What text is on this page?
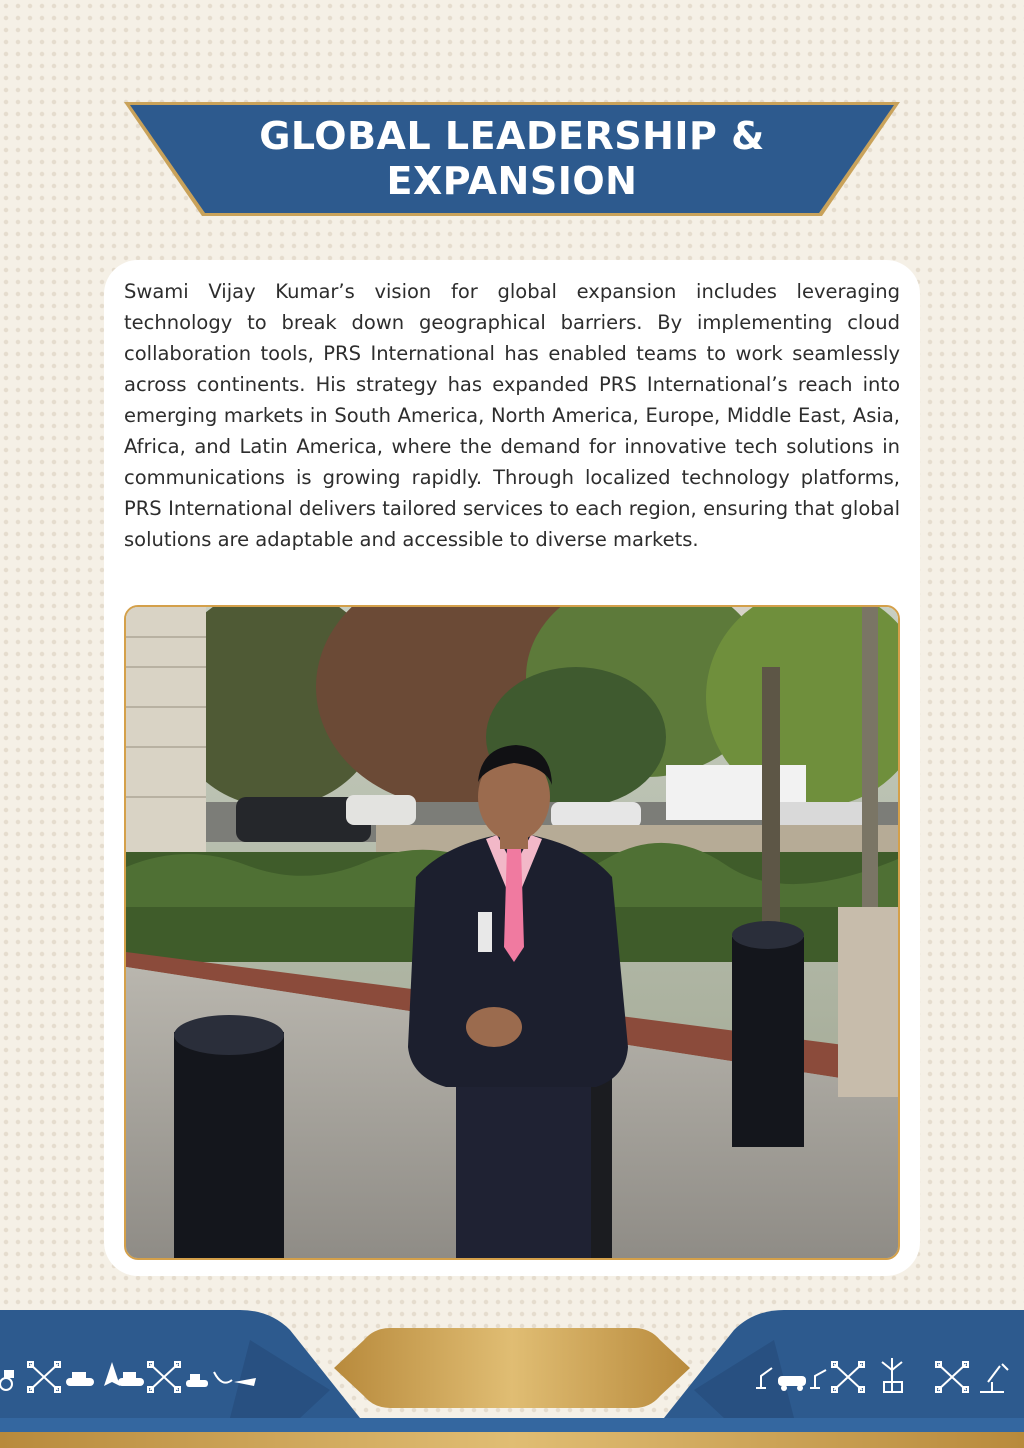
GLOBAL LEADERSHIP &
EXPANSION

Swami Vijay Kumar’s vision for global expansion includes leveraging technology to break down geographical barriers. By implementing cloud collaboration tools, PRS International has enabled teams to work seamlessly across continents. His strategy has expanded PRS International’s reach into emerging markets in South America, North America, Europe, Middle East, Asia, Africa, and Latin America, where the demand for innovative tech solutions in communications is growing rapidly. Through localized technology platforms, PRS International delivers tailored services to each region, ensuring that global solutions are adaptable and accessible to diverse markets.
